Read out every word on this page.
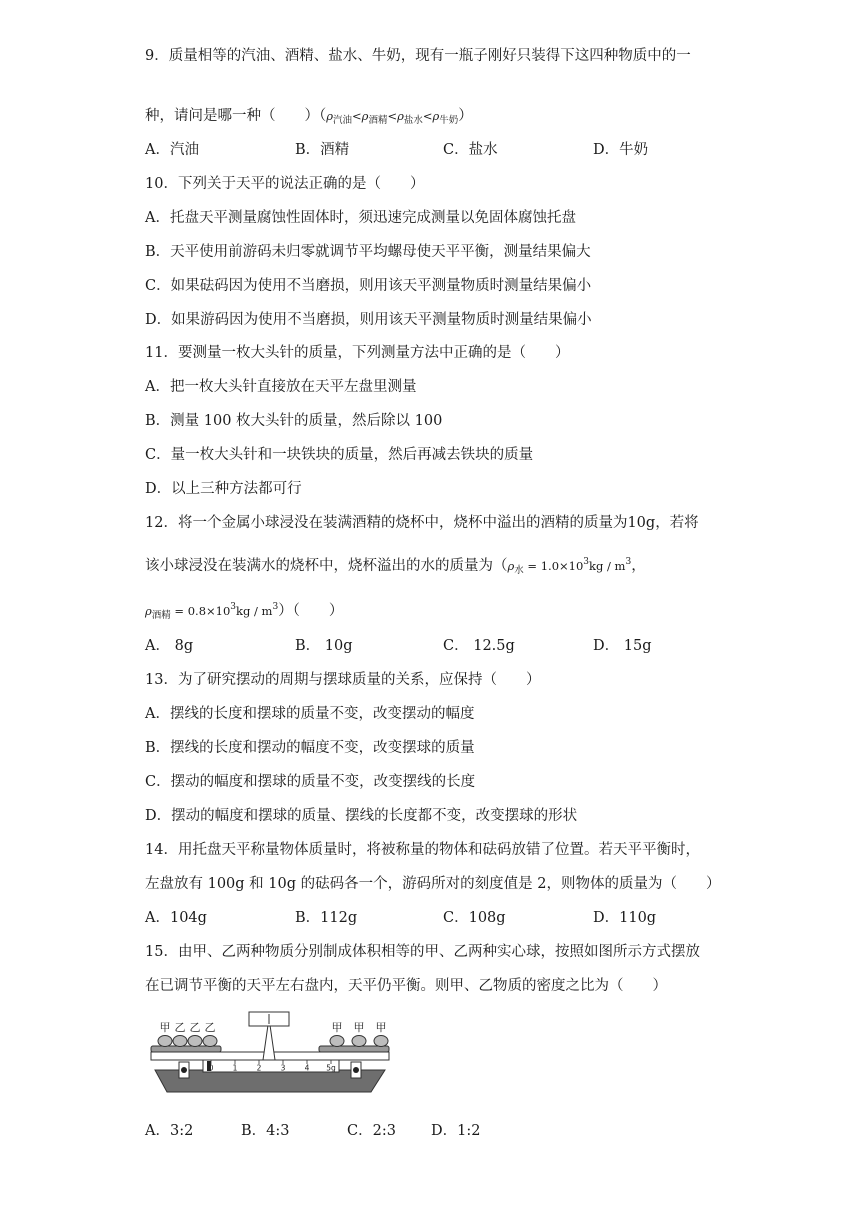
9．质量相等的汽油、酒精、盐水、牛奶，现有一瓶子刚好只装得下这四种物质中的一
种，请问是哪一种（　　）$(\rho_{汽油}<\rho_{酒精}<\rho_{盐水}<\rho_{牛奶})$
A．汽油	B．酒精	C．盐水	D．牛奶
10．下列关于天平的说法正确的是（　　）
A．托盘天平测量腐蚀性固体时，须迅速完成测量以免固体腐蚀托盘
B．天平使用前游码未归零就调节平均螺母使天平平衡，测量结果偏大
C．如果砝码因为使用不当磨损，则用该天平测量物质时测量结果偏小
D．如果游码因为使用不当磨损，则用该天平测量物质时测量结果偏小
11．要测量一枚大头针的质量，下列测量方法中正确的是（　　）
A．把一枚大头针直接放在天平左盘里测量
B．测量 100 枚大头针的质量，然后除以 100
C．量一枚大头针和一块铁块的质量，然后再减去铁块的质量
D．以上三种方法都可行
12．将一个金属小球浸没在装满酒精的烧杯中，烧杯中溢出的酒精的质量为10g，若将
该小球浸没在装满水的烧杯中，烧杯溢出的水的质量为（$\rho_水 = 1.0\times 10^3kg / m^3$，
$\rho_{酒精} = 0.8\times 10^3kg / m^3$）（　　）
A． 8g	B． 10g	C． 12.5g	D． 15g
13．为了研究摆动的周期与摆球质量的关系，应保持（　　）
A．摆线的长度和摆球的质量不变，改变摆动的幅度
B．摆线的长度和摆动的幅度不变，改变摆球的质量
C．摆动的幅度和摆球的质量不变，改变摆线的长度
D．摆动的幅度和摆球的质量、摆线的长度都不变，改变摆球的形状
14．用托盘天平称量物体质量时，将被称量的物体和砝码放错了位置。若天平平衡时，
左盘放有 100g 和 10g 的砝码各一个，游码所对的刻度值是 2，则物体的质量为（　　）
A．104g	B．112g	C．108g	D．110g
15．由甲、乙两种物质分别制成体积相等的甲、乙两种实心球，按照如图所示方式摆放
在已调节平衡的天平左右盘内，天平仍平衡。则甲、乙物质的密度之比为（　　）
甲 乙 乙 乙	甲 甲 甲
0	1	2	3	4 5g
A．3:2	B．4:3	C．2:3 D．1:2
